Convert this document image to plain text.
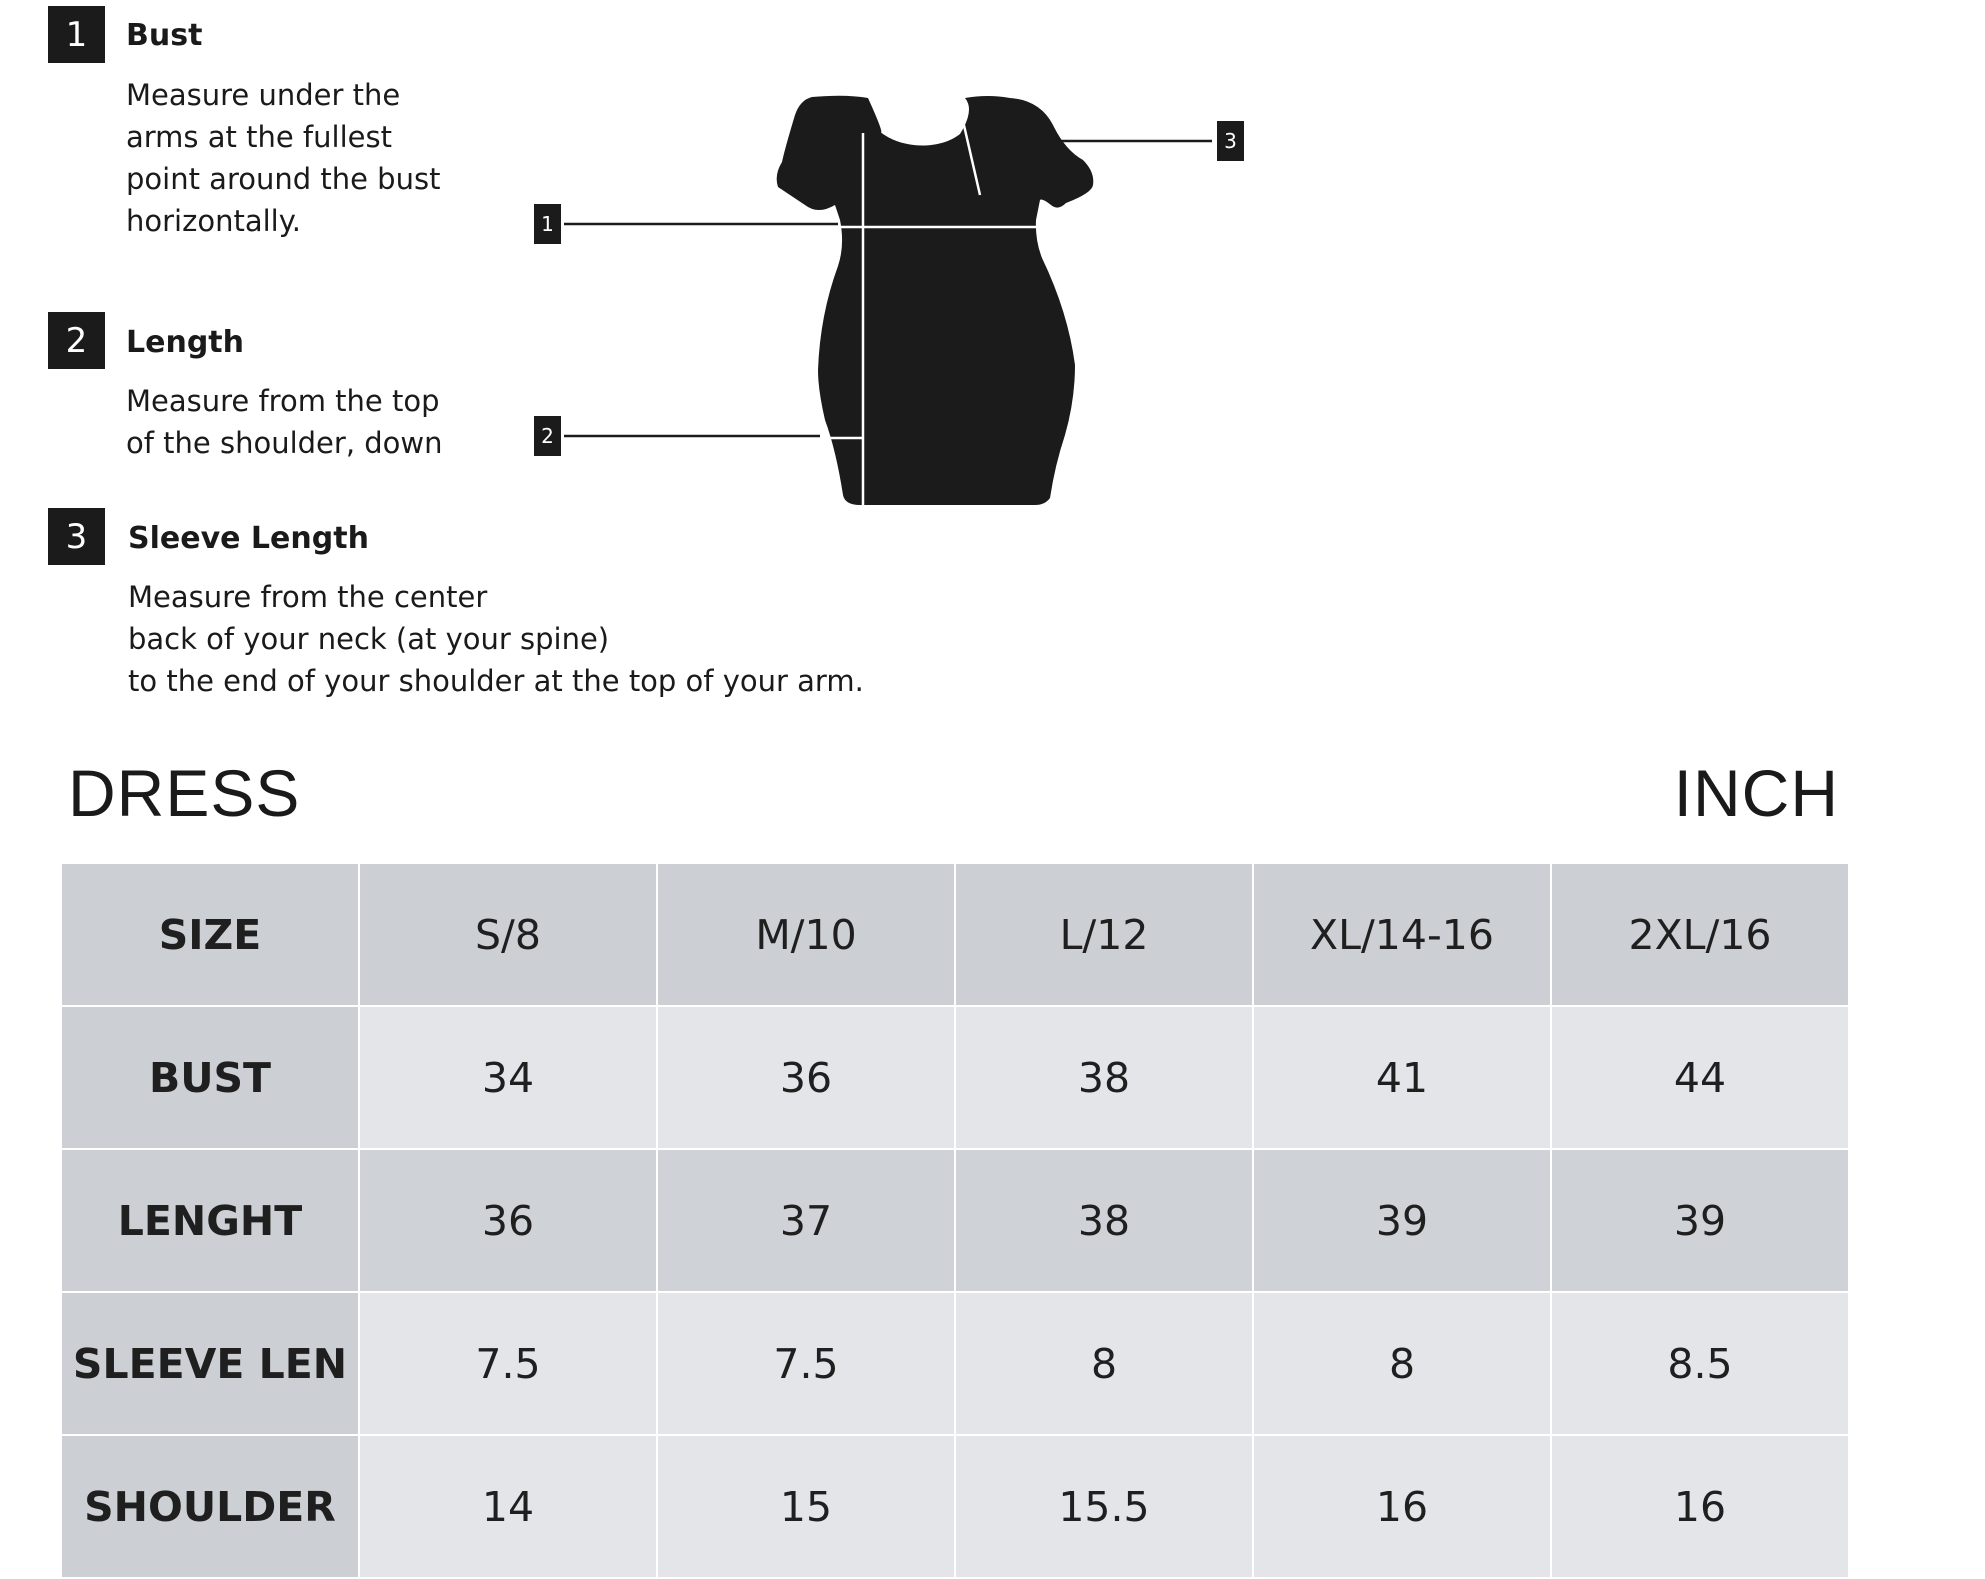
1	Bust
Measure under the
arms at the fullest
point around the bust
horizontally.
2	Length
Measure from the top
of the shoulder, down
3	Sleeve Length
Measure from the center
back of your neck (at your spine)
to the end of your shoulder at the top of your arm.
1
2
3
DRESS	INCH
SIZE	S/8	M/10	L/12	XL/14-16	2XL/16
BUST	34	36	38	41	44
LENGHT	36	37	38	39	39
SLEEVE LEN	7.5	7.5	8	8	8.5
SHOULDER	14	15	15.5	16	16
